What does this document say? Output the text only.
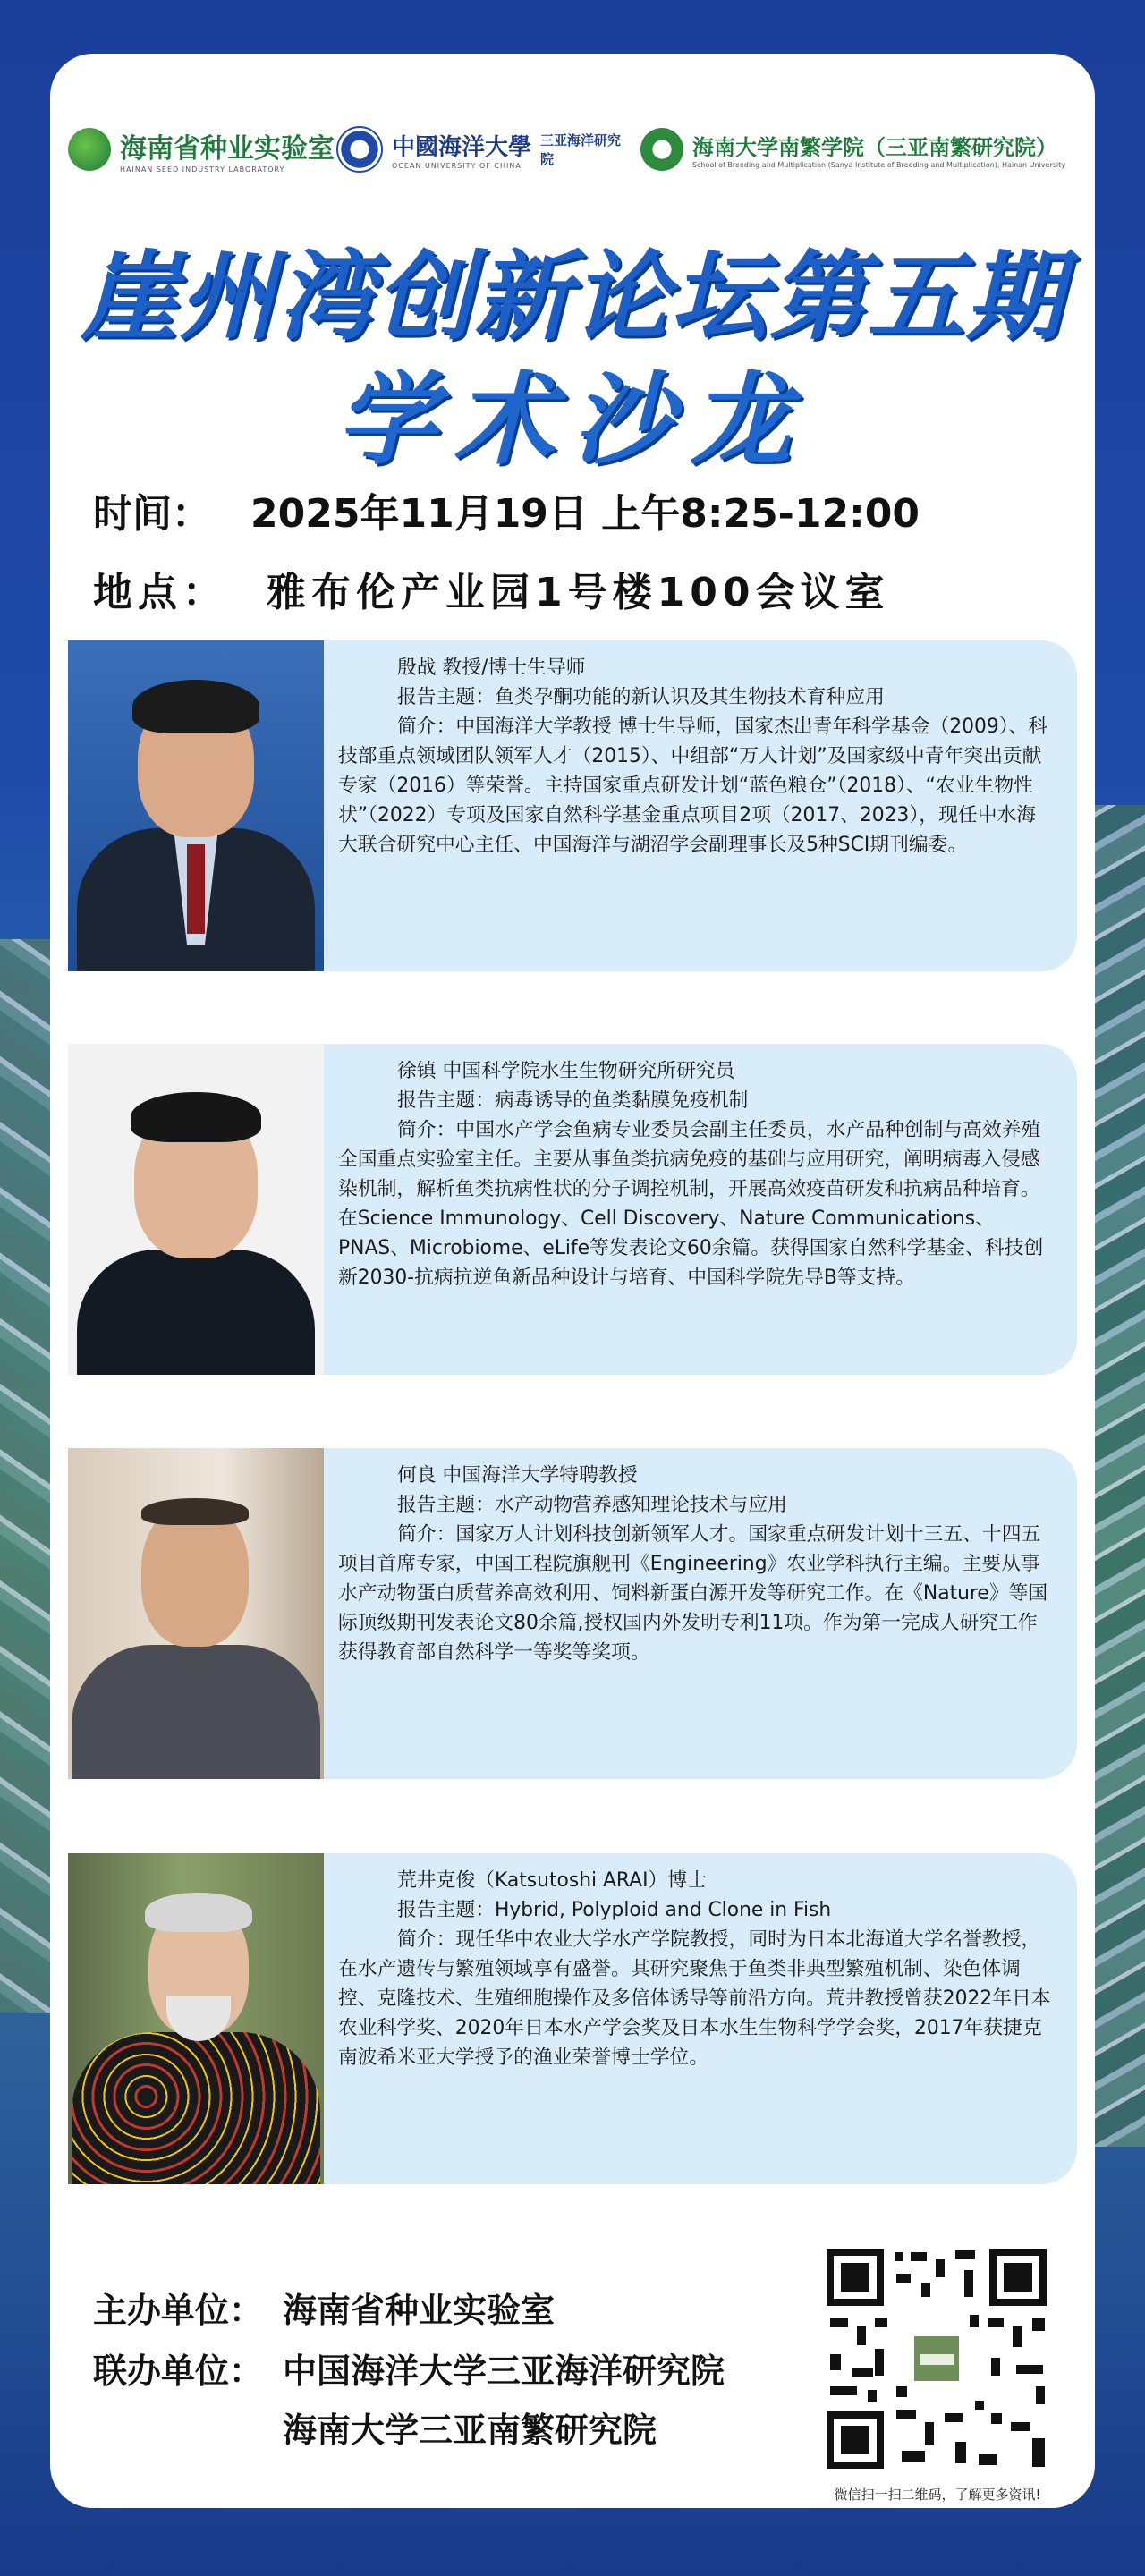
海南省种业实验室
HAINAN SEED INDUSTRY LABORATORY
中國海洋大學
OCEAN UNIVERSITY OF CHINA
三亚海洋研究院	海南大学南繁学院（三亚南繁研究院）
School of Breeding and Multiplication (Sanya Institute of Breeding and Multiplication), Hainan University
崖州湾创新论坛第五期
学术沙龙
时间： 2025年11月19日 上午8:25-12:00
地点： 雅布伦产业园1号楼100会议室

殷战 教授/博士生导师

报告主题：鱼类孕酮功能的新认识及其生物技术育种应用

简介：中国海洋大学教授 博士生导师，国家杰出青年科学基金（2009）、科技部重点领域团队领军人才（2015）、中组部“万人计划”及国家级中青年突出贡献专家（2016）等荣誉。主持国家重点研发计划“蓝色粮仓”（2018）、“农业生物性状”（2022）专项及国家自然科学基金重点项目2项（2017、2023），现任中水海大联合研究中心主任、中国海洋与湖沼学会副理事长及5种SCI期刊编委。

徐镇 中国科学院水生生物研究所研究员

报告主题：病毒诱导的鱼类黏膜免疫机制

简介：中国水产学会鱼病专业委员会副主任委员，水产品种创制与高效养殖全国重点实验室主任。主要从事鱼类抗病免疫的基础与应用研究，阐明病毒入侵感染机制，解析鱼类抗病性状的分子调控机制，开展高效疫苗研发和抗病品种培育。在Science Immunology、Cell Discovery、Nature Communications、PNAS、Microbiome、eLife等发表论文60余篇。获得国家自然科学基金、科技创新2030-抗病抗逆鱼新品种设计与培育、中国科学院先导B等支持。

何良 中国海洋大学特聘教授

报告主题：水产动物营养感知理论技术与应用

简介：国家万人计划科技创新领军人才。国家重点研发计划十三五、十四五项目首席专家，中国工程院旗舰刊《Engineering》农业学科执行主编。主要从事水产动物蛋白质营养高效利用、饲料新蛋白源开发等研究工作。在《Nature》等国际顶级期刊发表论文80余篇,授权国内外发明专利11项。作为第一完成人研究工作获得教育部自然科学一等奖等奖项。

荒井克俊（Katsutoshi ARAI）博士

报告主题：Hybrid, Polyploid and Clone in Fish

简介：现任华中农业大学水产学院教授，同时为日本北海道大学名誉教授，在水产遗传与繁殖领域享有盛誉。其研究聚焦于鱼类非典型繁殖机制、染色体调控、克隆技术、生殖细胞操作及多倍体诱导等前沿方向。荒井教授曾获2022年日本农业科学奖、2020年日本水产学会奖及日本水生生物科学学会奖，2017年获捷克南波希米亚大学授予的渔业荣誉博士学位。

主办单位： 海南省种业实验室
联办单位： 中国海洋大学三亚海洋研究院
海南大学三亚南繁研究院
微信扫一扫二维码，了解更多资讯!
